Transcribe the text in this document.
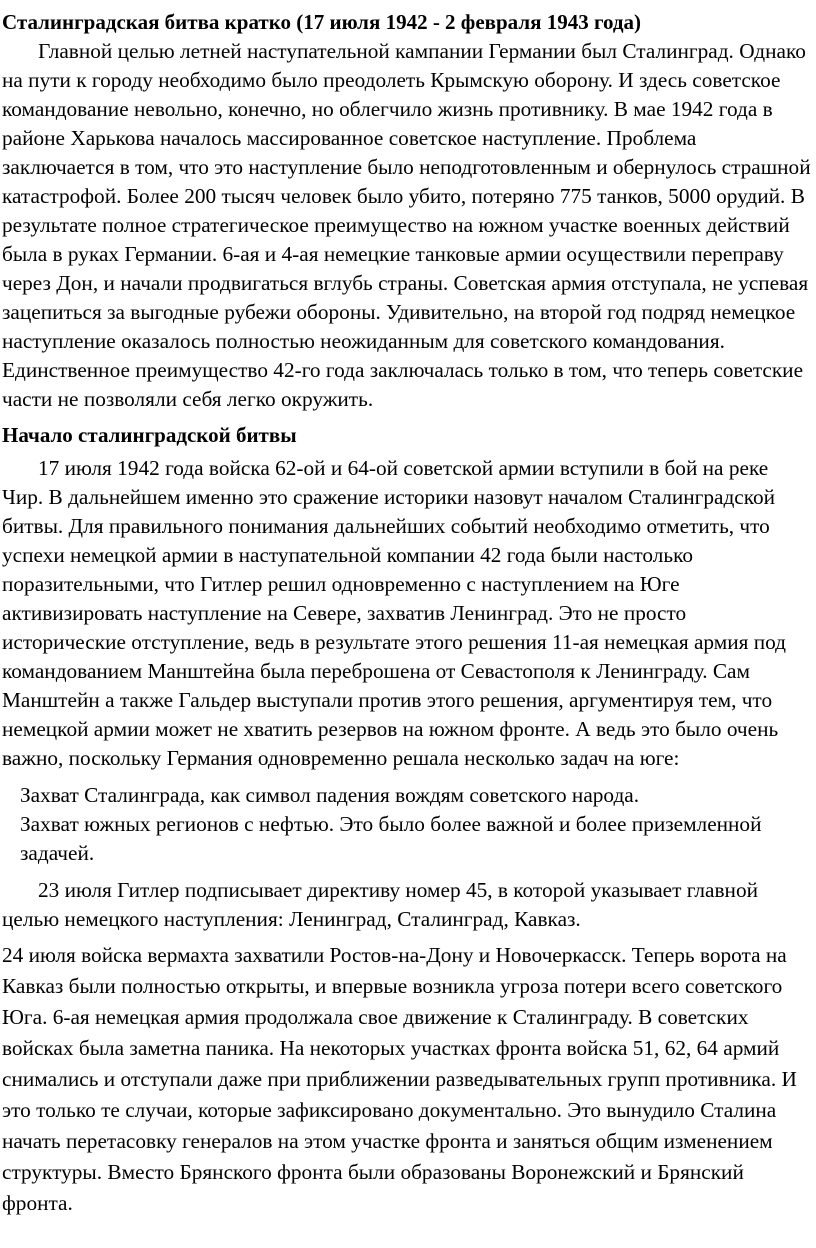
Сталинградская битва кратко (17 июля 1942 - 2 февраля 1943 года)

Главной целью летней наступательной кампании Германии был Сталинград. Однако на пути к городу необходимо было преодолеть Крымскую оборону. И здесь советское командование невольно, конечно, но облегчило жизнь противнику. В мае 1942 года в районе Харькова началось массированное советское наступление. Проблема заключается в том, что это наступление было неподготовленным и обернулось страшной катастрофой. Более 200 тысяч человек было убито, потеряно 775 танков, 5000 орудий. В результате полное стратегическое преимущество на южном участке военных действий была в руках Германии. 6-ая и 4-ая немецкие танковые армии осуществили переправу через Дон, и начали продвигаться вглубь страны. Советская армия отступала, не успевая зацепиться за выгодные рубежи обороны. Удивительно, на второй год подряд немецкое наступление оказалось полностью неожиданным для советского командования. Единственное преимущество 42-го года заключалась только в том, что теперь советские части не позволяли себя легко окружить.

Начало сталинградской битвы

17 июля 1942 года войска 62-ой и 64-ой советской армии вступили в бой на реке Чир. В дальнейшем именно это сражение историки назовут началом Сталинградской битвы. Для правильного понимания дальнейших событий необходимо отметить, что успехи немецкой армии в наступательной компании 42 года были настолько поразительными, что Гитлер решил одновременно с наступлением на Юге активизировать наступление на Севере, захватив Ленинград. Это не просто исторические отступление, ведь в результате этого решения 11-ая немецкая армия под командованием Манштейна была переброшена от Севастополя к Ленинграду. Сам Манштейн а также Гальдер выступали против этого решения, аргументируя тем, что немецкой армии может не хватить резервов на южном фронте. А ведь это было очень важно, поскольку Германия одновременно решала несколько задач на юге:

Захват Сталинграда, как символ падения вождям советского народа.
Захват южных регионов с нефтью. Это было более важной и более приземленной задачей.

23 июля Гитлер подписывает директиву номер 45, в которой указывает главной целью немецкого наступления: Ленинград, Сталинград, Кавказ.

24 июля войска вермахта захватили Ростов-на-Дону и Новочеркасск. Теперь ворота на Кавказ были полностью открыты, и впервые возникла угроза потери всего советского Юга. 6-ая немецкая армия продолжала свое движение к Сталинграду. В советских войсках была заметна паника. На некоторых участках фронта войска 51, 62, 64 армий снимались и отступали даже при приближении разведывательных групп противника. И это только те случаи, которые зафиксировано документально. Это вынудило Сталина начать перетасовку генералов на этом участке фронта и заняться общим изменением структуры. Вместо Брянского фронта были образованы Воронежский и Брянский фронта.
